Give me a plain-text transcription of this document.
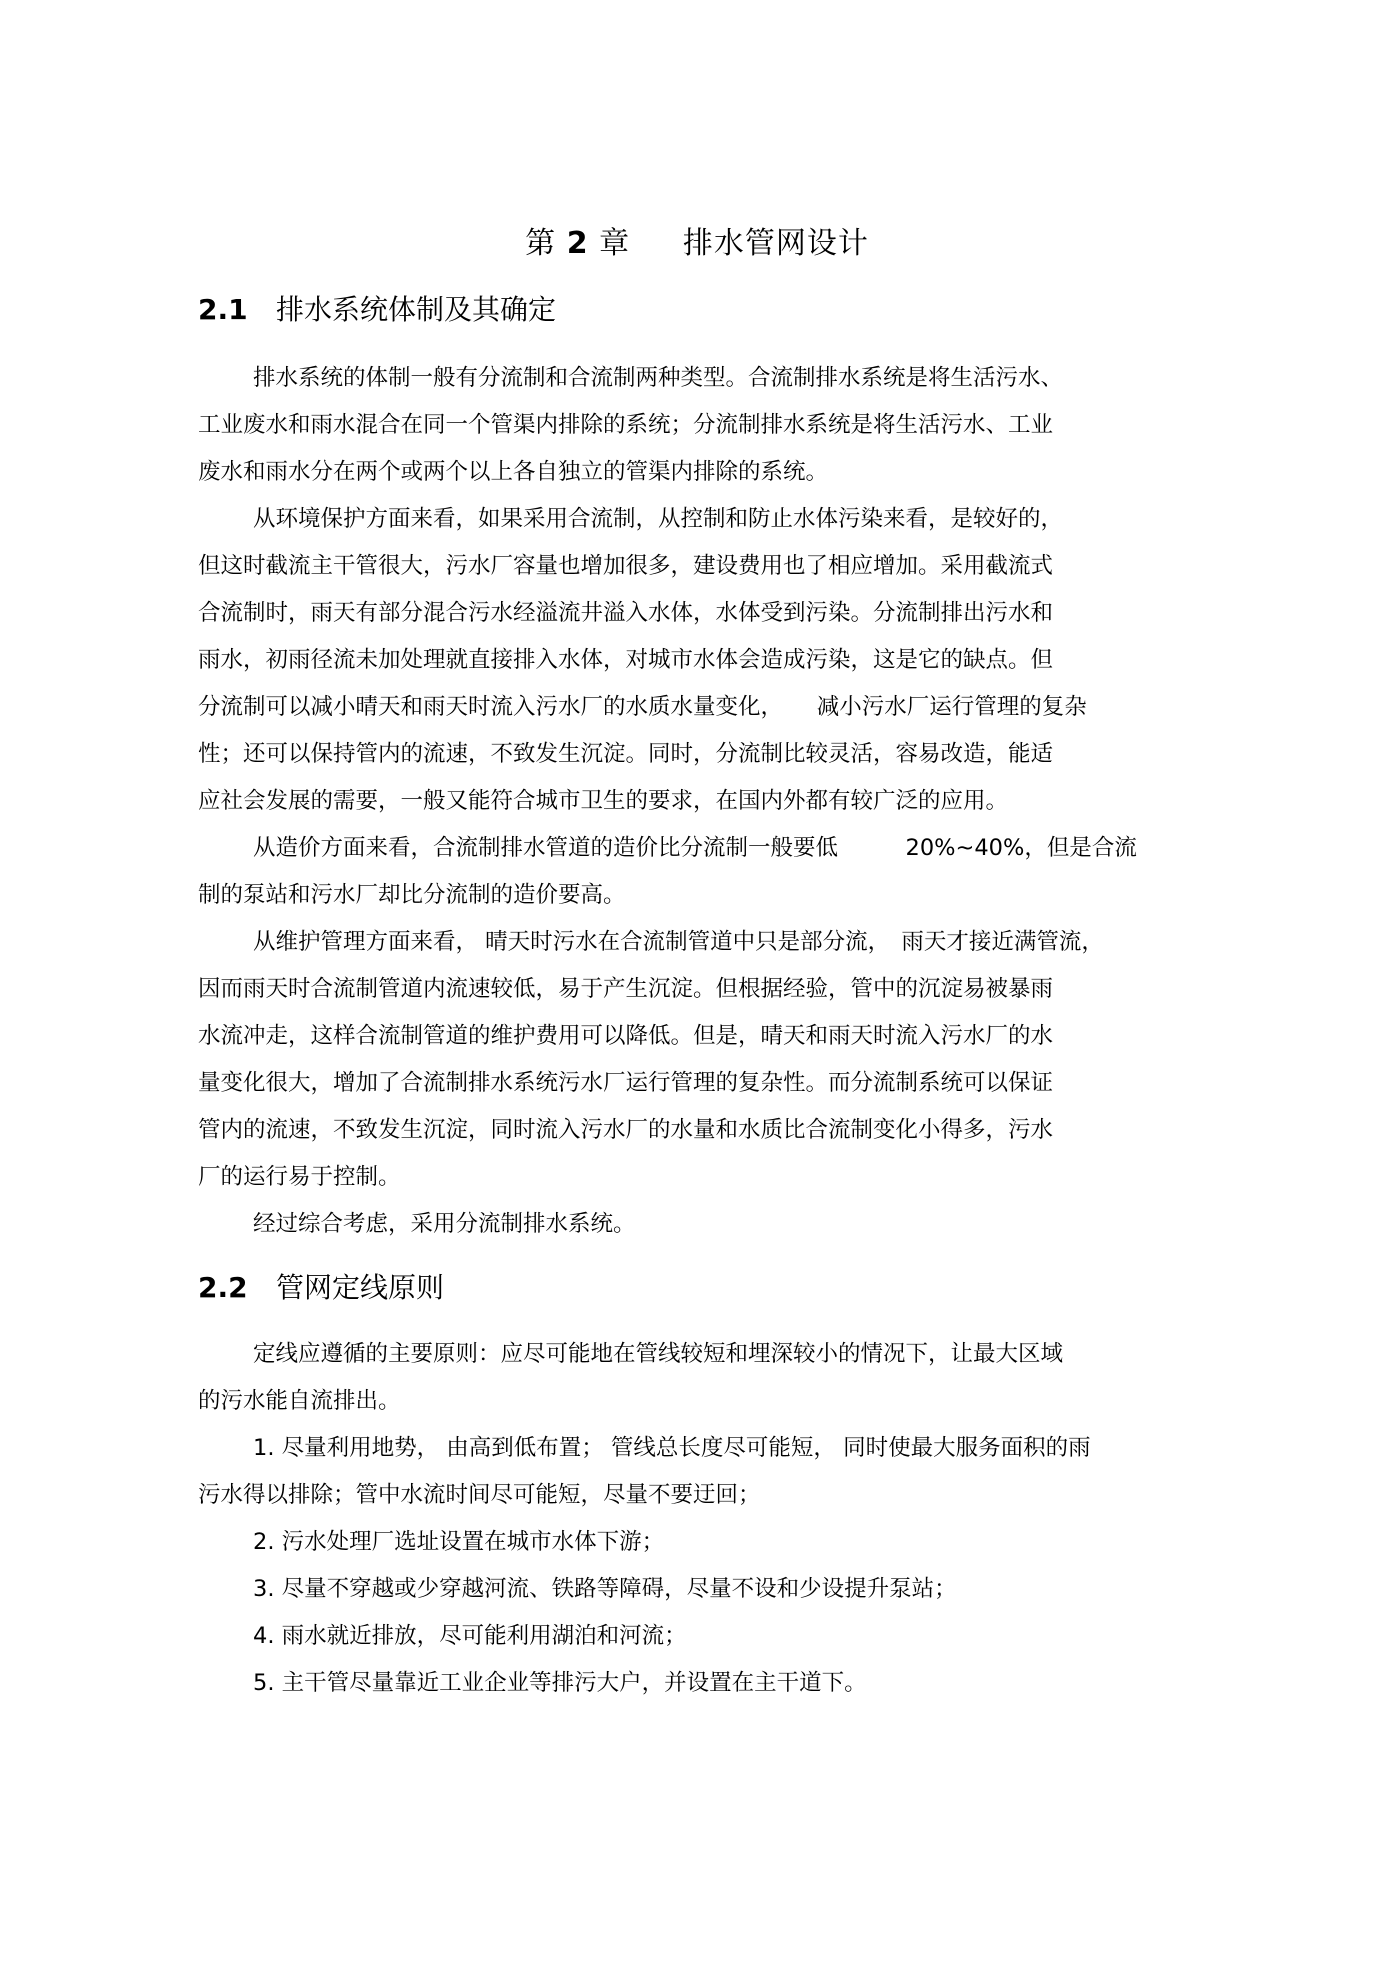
第 2 章 排水管网设计
2.1 排水系统体制及其确定
排水系统的体制一般有分流制和合流制两种类型。合流制排水系统是将生活污水、
工业废水和雨水混合在同一个管渠内排除的系统；分流制排水系统是将生活污水、工业
废水和雨水分在两个或两个以上各自独立的管渠内排除的系统。
从环境保护方面来看，如果采用合流制，从控制和防止水体污染来看，是较好的，
但这时截流主干管很大，污水厂容量也增加很多，建设费用也了相应增加。采用截流式
合流制时，雨天有部分混合污水经溢流井溢入水体，水体受到污染。分流制排出污水和
雨水，初雨径流未加处理就直接排入水体，对城市水体会造成污染，这是它的缺点。但
分流制可以减小晴天和雨天时流入污水厂的水质水量变化，　　减小污水厂运行管理的复杂
性；还可以保持管内的流速，不致发生沉淀。同时，分流制比较灵活，容易改造，能适
应社会发展的需要，一般又能符合城市卫生的要求，在国内外都有较广泛的应用。
从造价方面来看，合流制排水管道的造价比分流制一般要低　　　20%~40%，但是合流
制的泵站和污水厂却比分流制的造价要高。
从维护管理方面来看， 晴天时污水在合流制管道中只是部分流，　雨天才接近满管流，
因而雨天时合流制管道内流速较低，易于产生沉淀。但根据经验，管中的沉淀易被暴雨
水流冲走，这样合流制管道的维护费用可以降低。但是，晴天和雨天时流入污水厂的水
量变化很大，增加了合流制排水系统污水厂运行管理的复杂性。而分流制系统可以保证
管内的流速，不致发生沉淀，同时流入污水厂的水量和水质比合流制变化小得多，污水
厂的运行易于控制。
经过综合考虑，采用分流制排水系统。
2.2 管网定线原则
定线应遵循的主要原则：应尽可能地在管线较短和埋深较小的情况下，让最大区域
的污水能自流排出。
1. 尽量利用地势， 由高到低布置； 管线总长度尽可能短， 同时使最大服务面积的雨
污水得以排除；管中水流时间尽可能短，尽量不要迂回；
2. 污水处理厂选址设置在城市水体下游；
3. 尽量不穿越或少穿越河流、铁路等障碍，尽量不设和少设提升泵站；
4. 雨水就近排放，尽可能利用湖泊和河流；
5. 主干管尽量靠近工业企业等排污大户，并设置在主干道下。
